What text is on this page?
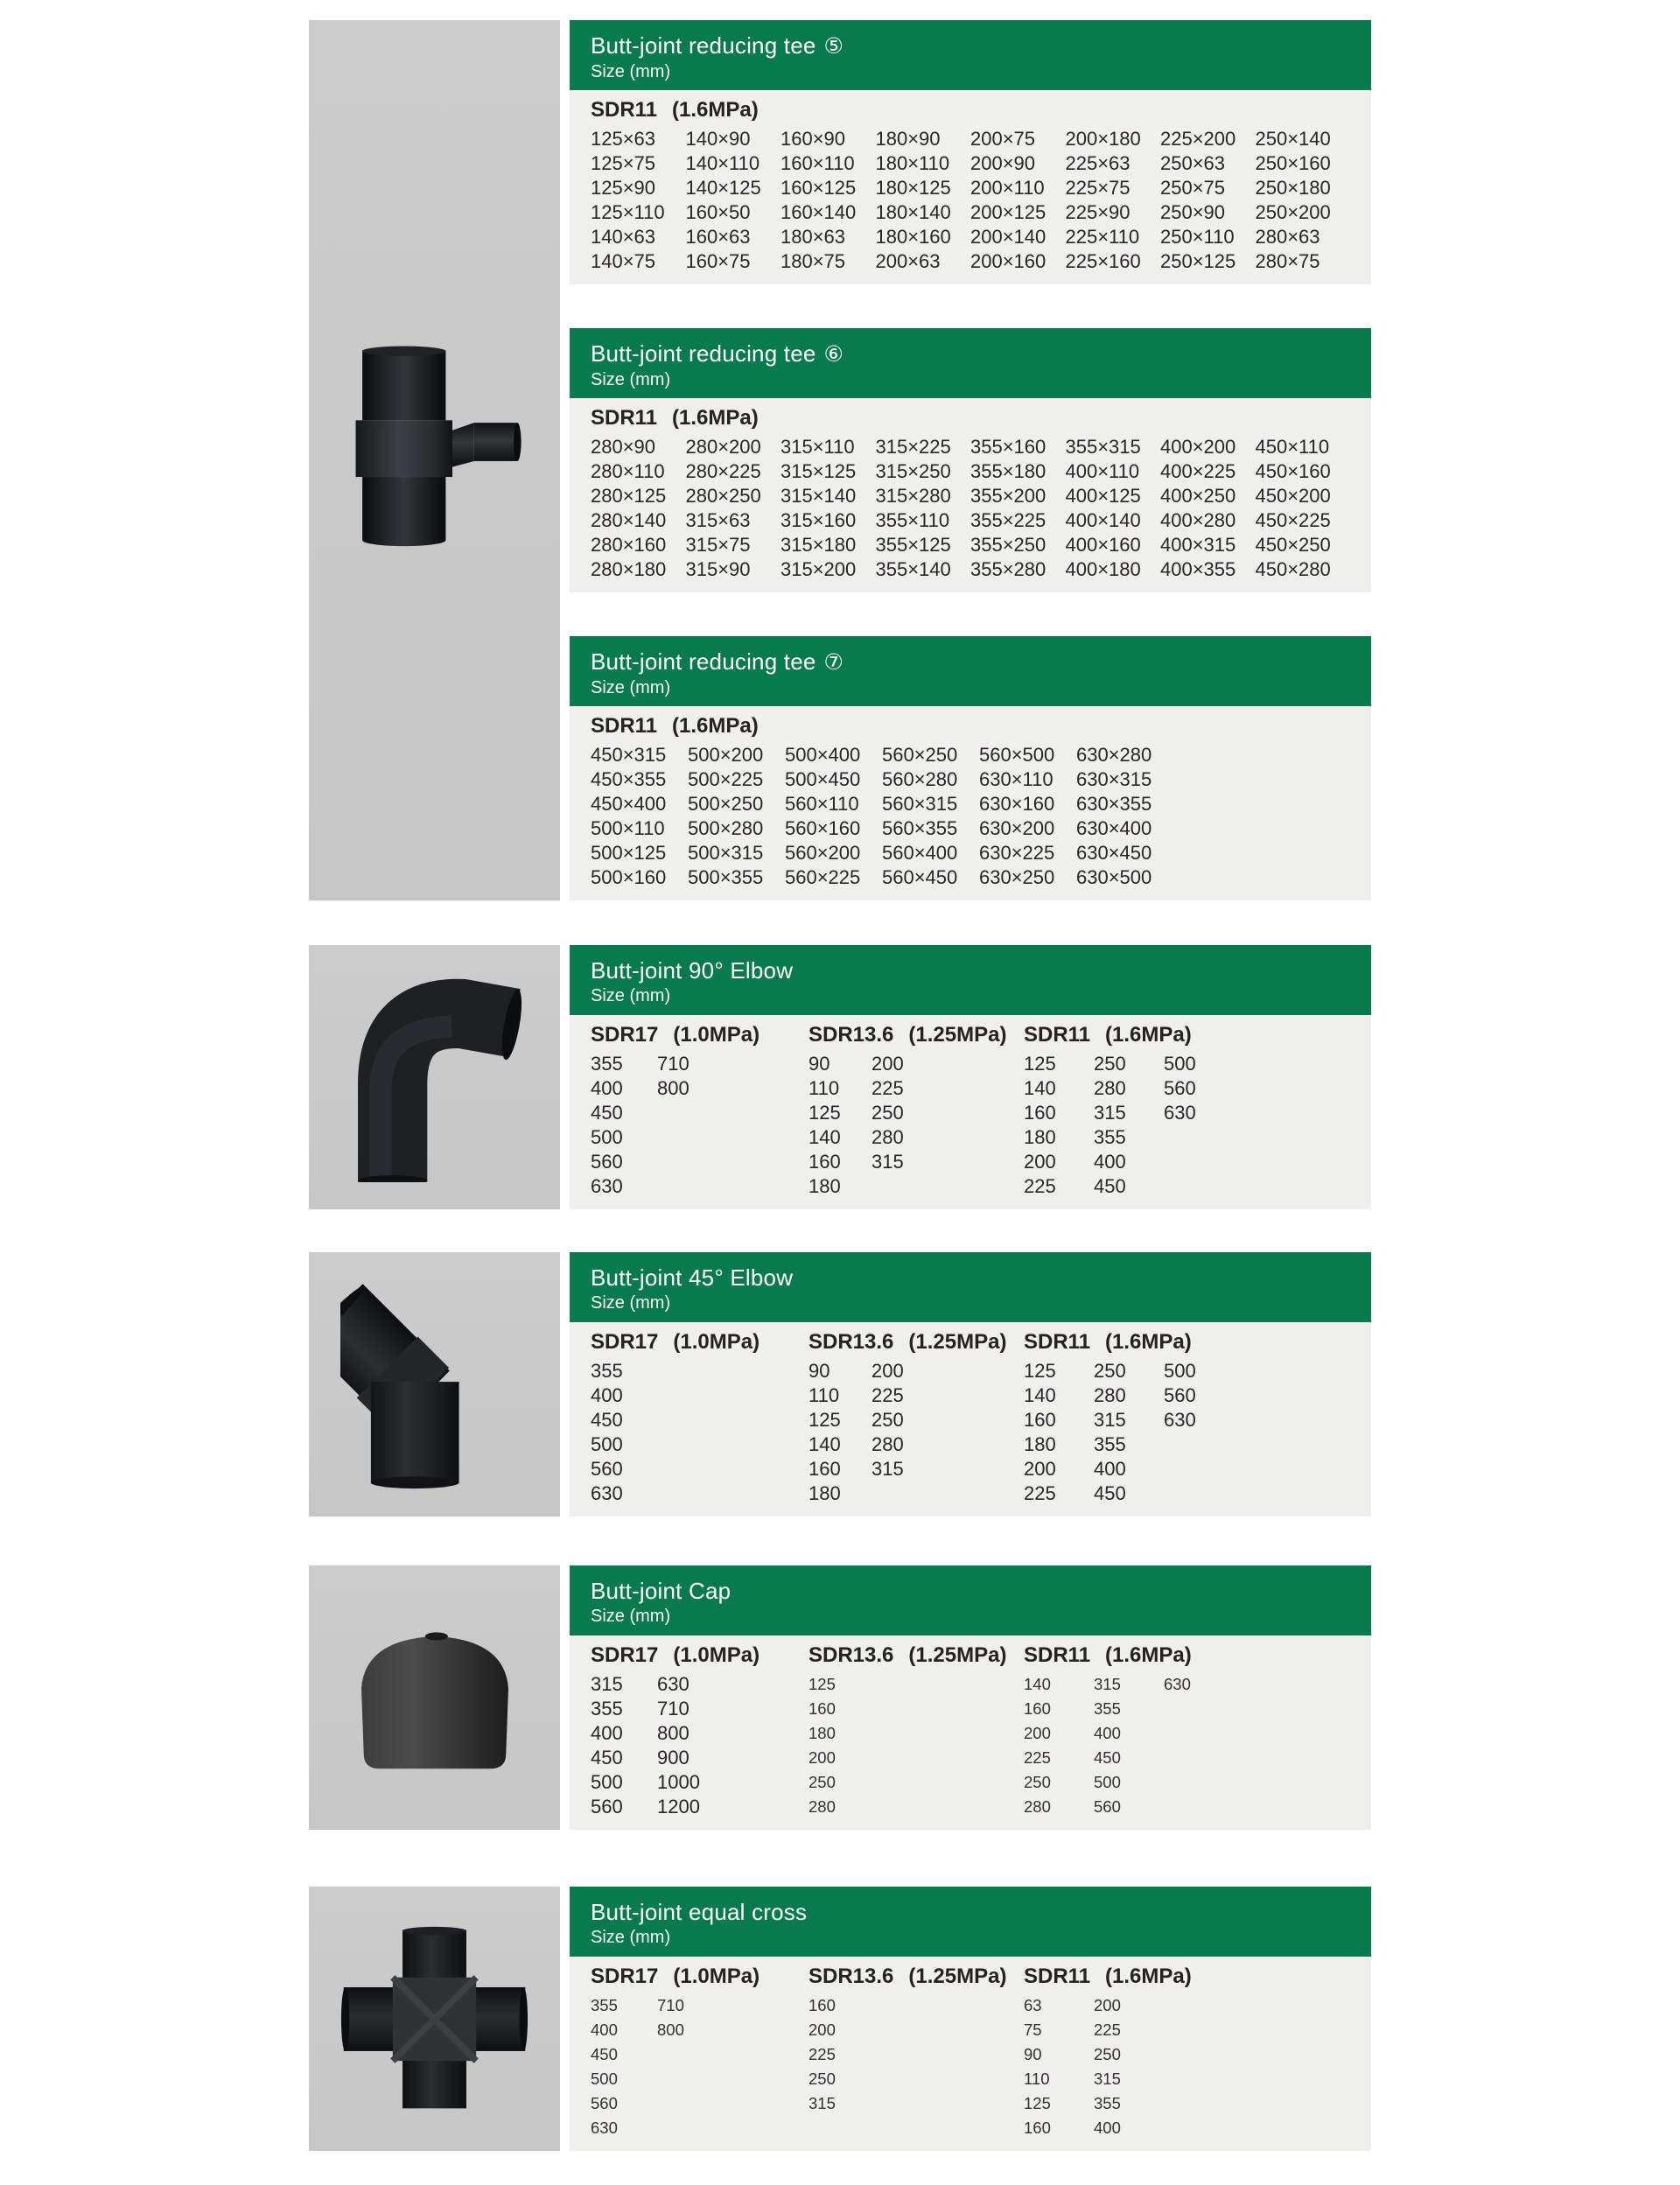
Butt-joint reducing tee ⑤
Size (mm)
SDR11 (1.6MPa)
125×63
125×75
125×90
125×110
140×63
140×75
140×90
140×110
140×125
160×50
160×63
160×75
160×90
160×110
160×125
160×140
180×63
180×75
180×90
180×110
180×125
180×140
180×160
200×63
200×75
200×90
200×110
200×125
200×140
200×160
200×180
225×63
225×75
225×90
225×110
225×160
225×200
250×63
250×75
250×90
250×110
250×125
250×140
250×160
250×180
250×200
280×63
280×75
Butt-joint reducing tee ⑥
Size (mm)
SDR11 (1.6MPa)
280×90
280×110
280×125
280×140
280×160
280×180
280×200
280×225
280×250
315×63
315×75
315×90
315×110
315×125
315×140
315×160
315×180
315×200
315×225
315×250
315×280
355×110
355×125
355×140
355×160
355×180
355×200
355×225
355×250
355×280
355×315
400×110
400×125
400×140
400×160
400×180
400×200
400×225
400×250
400×280
400×315
400×355
450×110
450×160
450×200
450×225
450×250
450×280
Butt-joint reducing tee ⑦
Size (mm)
SDR11 (1.6MPa)
450×315
450×355
450×400
500×110
500×125
500×160
500×200
500×225
500×250
500×280
500×315
500×355
500×400
500×450
560×110
560×160
560×200
560×225
560×250
560×280
560×315
560×355
560×400
560×450
560×500
630×110
630×160
630×200
630×225
630×250
630×280
630×315
630×355
630×400
630×450
630×500
Butt-joint 90° Elbow
Size (mm)
SDR17 (1.0MPa)
355
400
450
500
560
630
710
800
SDR13.6 (1.25MPa)
90
110
125
140
160
180
200
225
250
280
315
SDR11 (1.6MPa)
125
140
160
180
200
225
250
280
315
355
400
450
500
560
630
Butt-joint 45° Elbow
Size (mm)
SDR17 (1.0MPa)
355
400
450
500
560
630
SDR13.6 (1.25MPa)
90
110
125
140
160
180
200
225
250
280
315
SDR11 (1.6MPa)
125
140
160
180
200
225
250
280
315
355
400
450
500
560
630
Butt-joint Cap
Size (mm)
SDR17 (1.0MPa)
315
355
400
450
500
560
630
710
800
900
1000
1200
SDR13.6 (1.25MPa)
125
160
180
200
250
280
SDR11 (1.6MPa)
140
160
200
225
250
280
315
355
400
450
500
560
630
Butt-joint equal cross
Size (mm)
SDR17 (1.0MPa)
355
400
450
500
560
630
710
800
SDR13.6 (1.25MPa)
160
200
225
250
315
SDR11 (1.6MPa)
63
75
90
110
125
160
200
225
250
315
355
400
